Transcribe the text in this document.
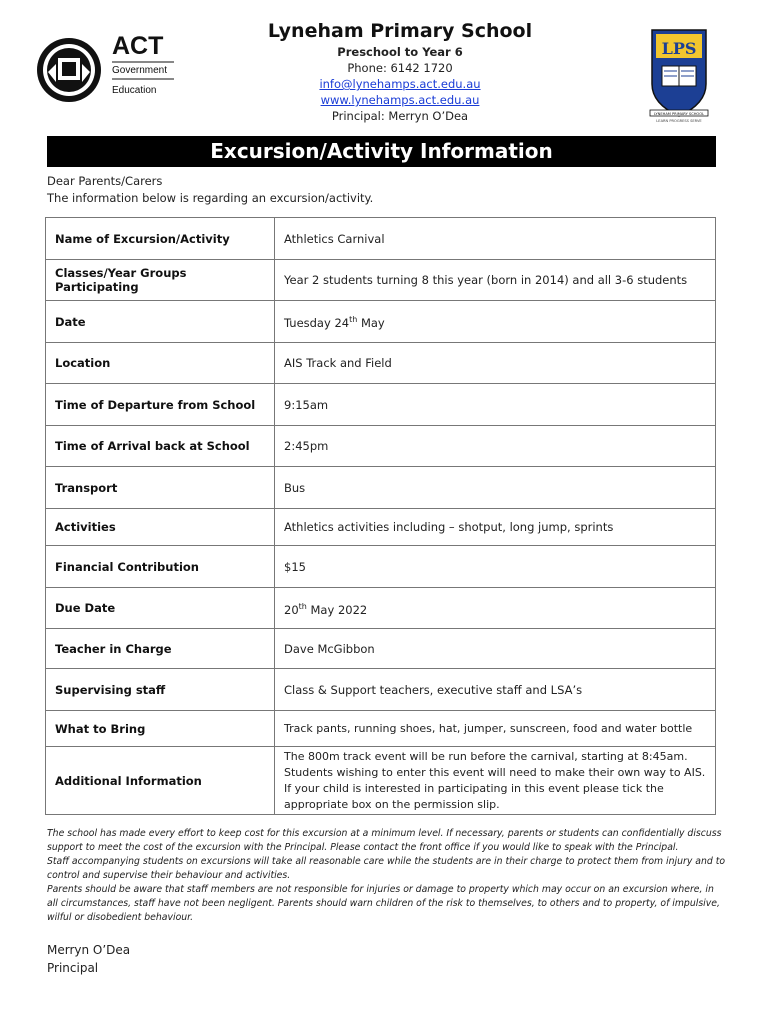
ACT
Government
Education
Lyneham Primary School
Preschool to Year 6
Phone: 6142 1720
info@lynehamps.act.edu.au
www.lynehamps.act.edu.au
Principal: Merryn O’Dea
LPS
LYNEHAM PRIMARY SCHOOL
LEARN PROGRESS SERVE
Excursion/Activity Information
Dear Parents/Carers
The information below is regarding an excursion/activity.
Name of Excursion/Activity	Athletics Carnival
Classes/Year Groups Participating	Year 2 students turning 8 this year (born in 2014) and all 3-6 students
Date	Tuesday 24th May
Location	AIS Track and Field
Time of Departure from School	9:15am
Time of Arrival back at School	2:45pm
Transport	Bus
Activities	Athletics activities including – shotput, long jump, sprints
Financial Contribution	$15
Due Date	20th May 2022
Teacher in Charge	Dave McGibbon
Supervising staff	Class & Support teachers, executive staff and LSA’s
What to Bring	Track pants, running shoes, hat, jumper, sunscreen, food and water bottle
Additional Information	The 800m track event will be run before the carnival, starting at 8:45am. Students wishing to enter this event will need to make their own way to AIS. If your child is interested in participating in this event please tick the appropriate box on the permission slip.

The school has made every effort to keep cost for this excursion at a minimum level. If necessary, parents or students can confidentially discuss support to meet the cost of the excursion with the Principal. Please contact the front office if you would like to speak with the Principal.

Staff accompanying students on excursions will take all reasonable care while the students are in their charge to protect them from injury and to control and supervise their behaviour and activities.

Parents should be aware that staff members are not responsible for injuries or damage to property which may occur on an excursion where, in all circumstances, staff have not been negligent. Parents should warn children of the risk to themselves, to others and to property, of impulsive, wilful or disobedient behaviour.

Merryn O’Dea
Principal
